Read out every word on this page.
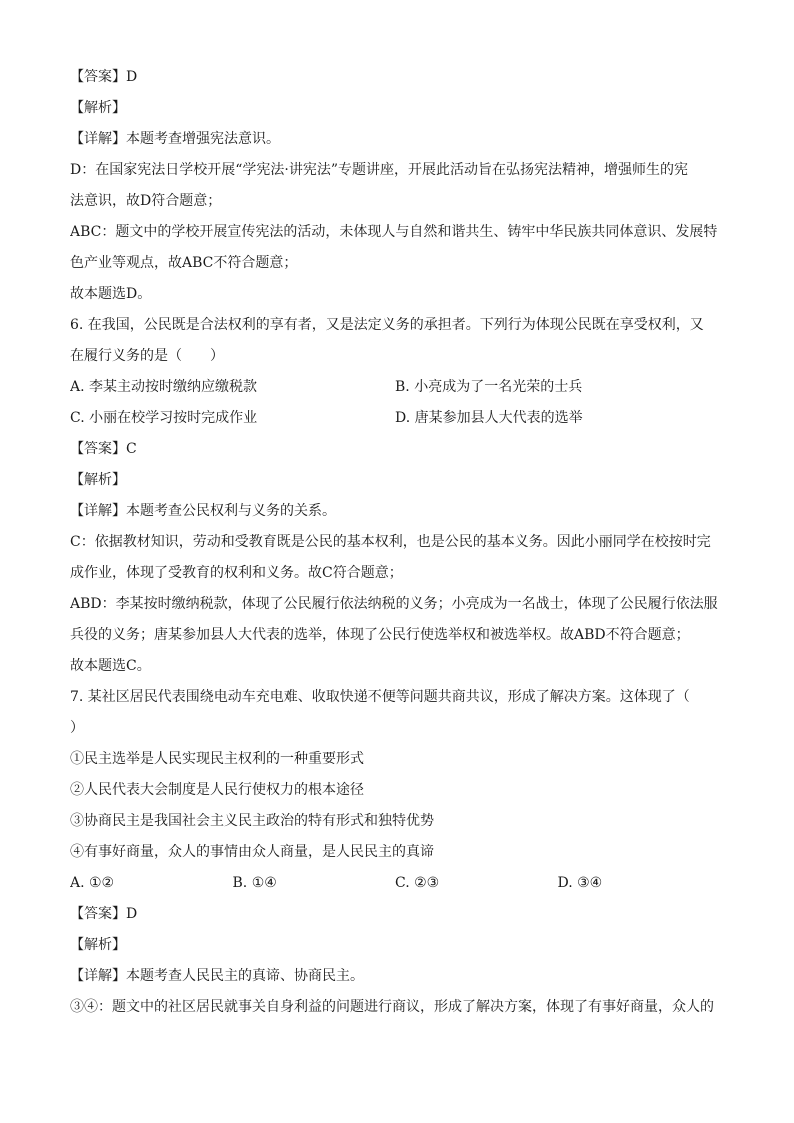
【答案】D
【解析】
【详解】本题考查增强宪法意识。
D：在国家宪法日学校开展“学宪法·讲宪法”专题讲座，开展此活动旨在弘扬宪法精神，增强师生的宪
法意识，故D符合题意；
ABC：题文中的学校开展宣传宪法的活动，未体现人与自然和谐共生、铸牢中华民族共同体意识、发展特
色产业等观点，故ABC不符合题意；
故本题选D。
6. 在我国，公民既是合法权利的享有者，又是法定义务的承担者。下列行为体现公民既在享受权利，又
在履行义务的是（　　）
A. 李某主动按时缴纳应缴税款	B. 小亮成为了一名光荣的士兵
C. 小丽在校学习按时完成作业	D. 唐某参加县人大代表的选举
【答案】C
【解析】
【详解】本题考查公民权利与义务的关系。
C：依据教材知识，劳动和受教育既是公民的基本权利，也是公民的基本义务。因此小丽同学在校按时完
成作业，体现了受教育的权利和义务。故C符合题意；
ABD：李某按时缴纳税款，体现了公民履行依法纳税的义务；小亮成为一名战士，体现了公民履行依法服
兵役的义务；唐某参加县人大代表的选举，体现了公民行使选举权和被选举权。故ABD不符合题意；
故本题选C。
7. 某社区居民代表围绕电动车充电难、收取快递不便等问题共商共议，形成了解决方案。这体现了（
）
①民主选举是人民实现民主权利的一种重要形式
②人民代表大会制度是人民行使权力的根本途径
③协商民主是我国社会主义民主政治的特有形式和独特优势
④有事好商量，众人的事情由众人商量，是人民民主的真谛
A. ①②	B. ①④	C. ②③	D. ③④
【答案】D
【解析】
【详解】本题考查人民民主的真谛、协商民主。
③④：题文中的社区居民就事关自身利益的问题进行商议，形成了解决方案，体现了有事好商量，众人的
